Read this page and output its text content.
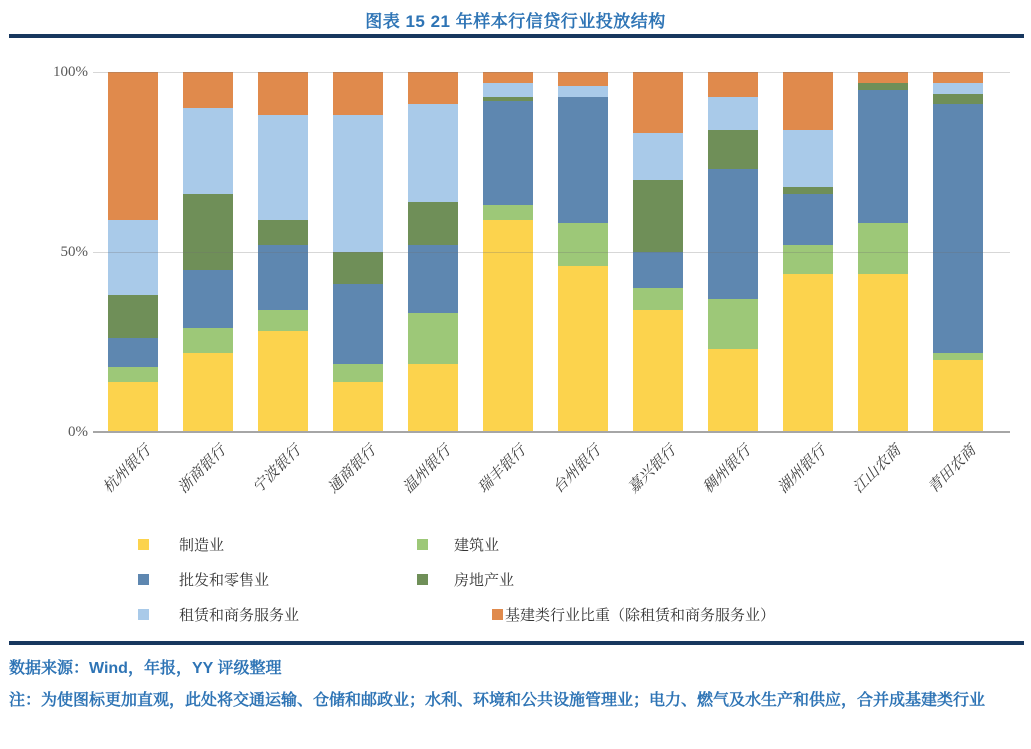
图表 15 21 年样本行信贷行业投放结构
杭州银行 浙商银行 宁波银行 通商银行 温州银行 瑞丰银行 台州银行 嘉兴银行 稠州银行 湖州银行 江山农商 青田农商
100%
50%
0%
制造业	建筑业
批发和零售业	房地产业
租赁和商务服务业	基建类行业比重（除租赁和商务服务业）
数据来源：Wind，年报，YY 评级整理
注：为使图标更加直观，此处将交通运输、仓储和邮政业；水利、环境和公共设施管理业；电力、燃气及水生产和供应，合并成基建类行业
